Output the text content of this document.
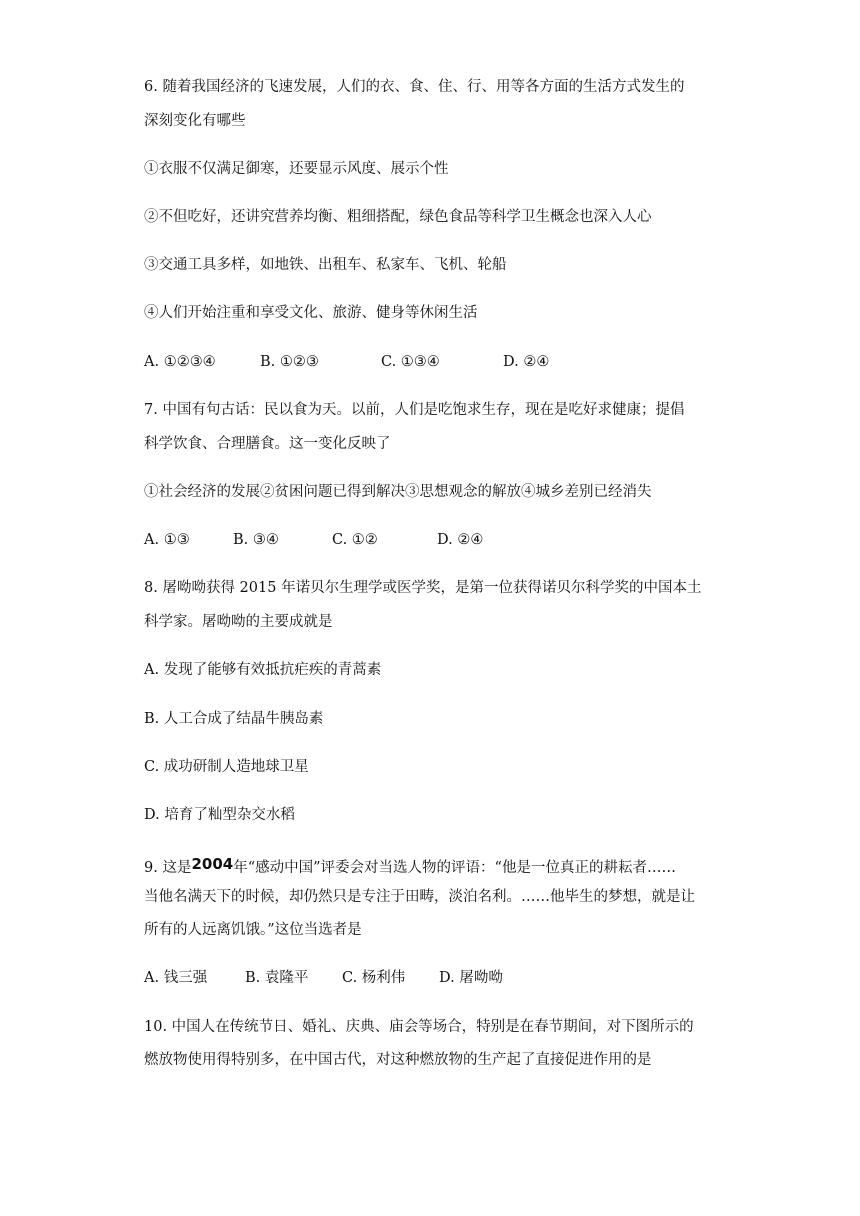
6. 随着我国经济的飞速发展，人们的衣、食、住、行、用等各方面的生活方式发生的
深刻变化有哪些
①衣服不仅满足御寒，还要显示风度、展示个性
②不但吃好，还讲究营养均衡、粗细搭配，绿色食品等科学卫生概念也深入人心
③交通工具多样，如地铁、出租车、私家车、飞机、轮船
④人们开始注重和享受文化、旅游、健身等休闲生活
A. ①②③④	B. ①②③	C. ①③④	D. ②④
7. 中国有句古话：民以食为天。以前，人们是吃饱求生存，现在是吃好求健康；提倡
科学饮食、合理膳食。这一变化反映了
①社会经济的发展②贫困问题已得到解决③思想观念的解放④城乡差别已经消失
A. ①③	B. ③④	C. ①②	D. ②④
8. 屠呦呦获得 2015 年诺贝尔生理学或医学奖，是第一位获得诺贝尔科学奖的中国本土
科学家。屠呦呦的主要成就是
A. 发现了能够有效抵抗疟疾的青蒿素
B. 人工合成了结晶牛胰岛素
C. 成功研制人造地球卫星
D. 培育了籼型杂交水稻
9. 这是2004年“感动中国”评委会对当选人物的评语：“他是一位真正的耕耘者……
当他名满天下的时候，却仍然只是专注于田畴，淡泊名利。……他毕生的梦想，就是让
所有的人远离饥饿。”这位当选者是
A. 钱三强	B. 袁隆平 C. 杨利伟 D. 屠呦呦
10. 中国人在传统节日、婚礼、庆典、庙会等场合，特别是在春节期间，对下图所示的
燃放物使用得特别多，在中国古代，对这种燃放物的生产起了直接促进作用的是
